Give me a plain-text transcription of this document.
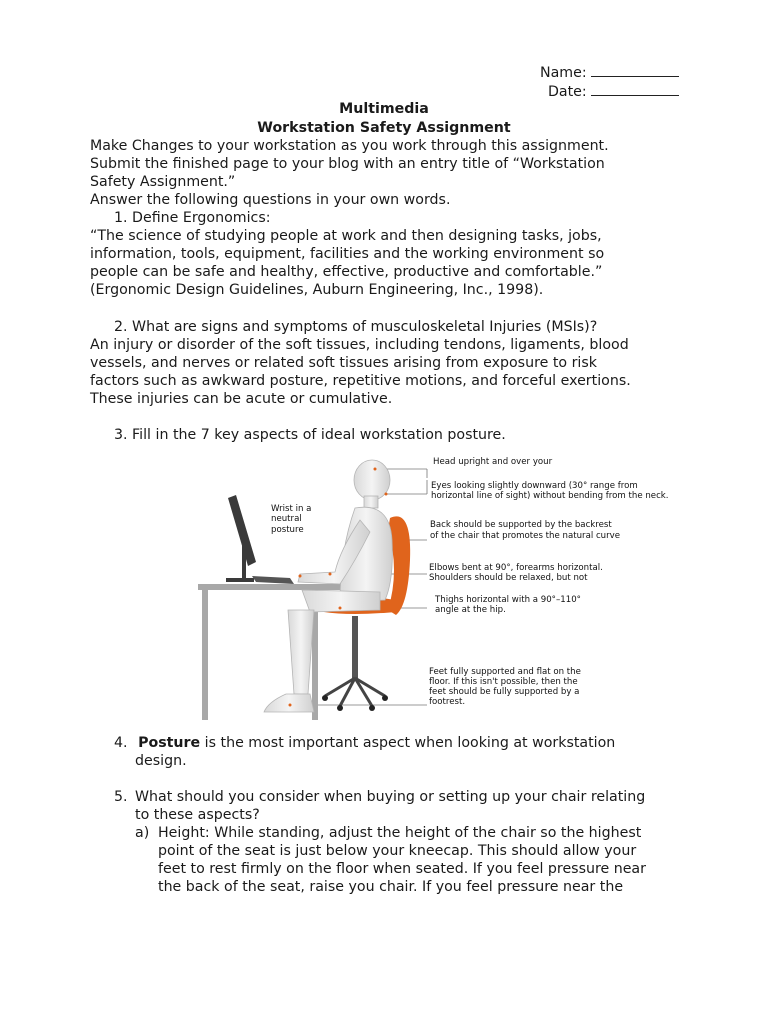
Name:
Date:
Multimedia
Workstation Safety Assignment
Make Changes to your workstation as you work through this assignment.
Submit the finished page to your blog with an entry title of “Workstation
Safety Assignment.”
Answer the following questions in your own words.
1. Define Ergonomics:
“The science of studying people at work and then designing tasks, jobs,
information, tools, equipment, facilities and the working environment so
people can be safe and healthy, effective, productive and comfortable.”
(Ergonomic Design Guidelines, Auburn Engineering, Inc., 1998).
2. What are signs and symptoms of musculoskeletal Injuries (MSIs)?
An injury or disorder of the soft tissues, including tendons, ligaments, blood
vessels, and nerves or related soft tissues arising from exposure to risk
factors such as awkward posture, repetitive motions, and forceful exertions.
These injuries can be acute or cumulative.
3. Fill in the 7 key aspects of ideal workstation posture.
Head upright and over your
Eyes looking slightly downward (30° range from
horizontal line of sight) without bending from the neck.
Wrist in a
neutral
posture	Back should be supported by the backrest
of the chair that promotes the natural curve
Elbows bent at 90°, forearms horizontal.
Shoulders should be relaxed, but not
Thighs horizontal with a 90°–110°
angle at the hip.
Feet fully supported and flat on the
floor. If this isn't possible, then the
feet should be fully supported by a
footrest.
4. Posture is the most important aspect when looking at workstation
design.
5. What should you consider when buying or setting up your chair relating
to these aspects?
a) Height: While standing, adjust the height of the chair so the highest
point of the seat is just below your kneecap. This should allow your
feet to rest firmly on the floor when seated. If you feel pressure near
the back of the seat, raise you chair. If you feel pressure near the
